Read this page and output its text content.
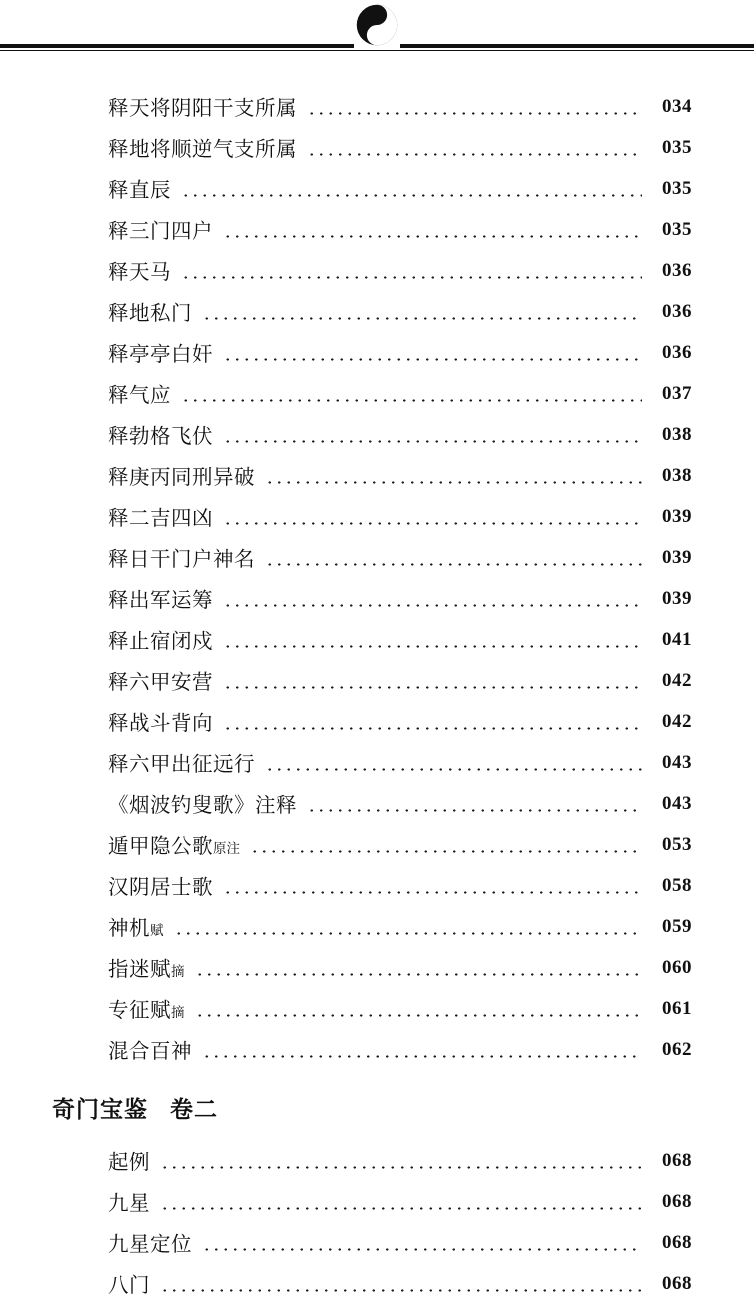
释天将阴阳干支所属	034
释地将顺逆气支所属	035
释直辰	035
释三门四户	035
释天马	036
释地私门	036
释亭亭白奸	036
释气应	037
释勃格飞伏	038
释庚丙同刑异破	038
释二吉四凶	039
释日干门户神名	039
释出军运筹	039
释止宿闭戍	041
释六甲安营	042
释战斗背向	042
释六甲出征远行	043
《烟波钓叟歌》注释	043
遁甲隐公歌原注	053
汉阴居士歌	058
神机赋	059
指迷赋摘	060
专征赋摘	061
混合百神	062
奇门宝鉴 卷二
起例	068
九星	068
九星定位	068
八门	068
